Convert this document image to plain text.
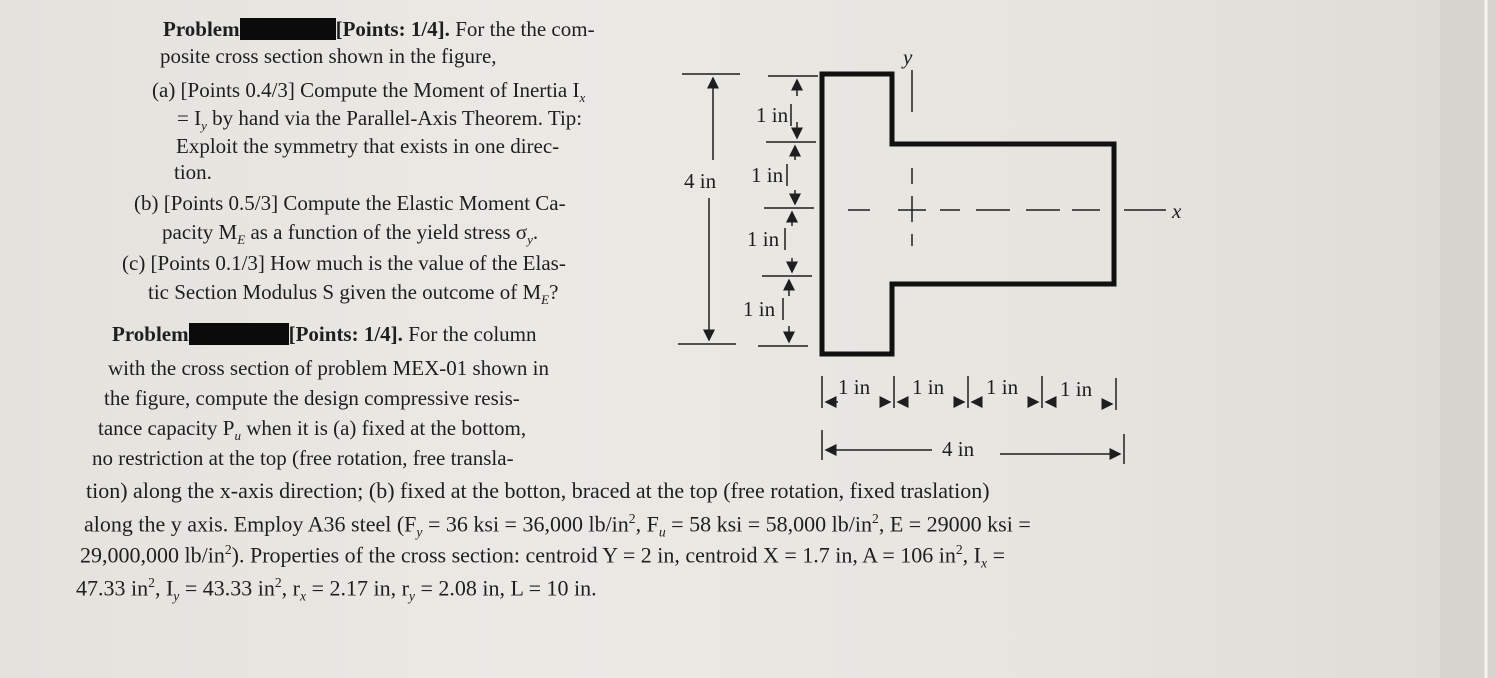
Problem	[Points: 1/4]. For the the com-
posite cross section shown in the figure,
(a) [Points 0.4/3] Compute the Moment of Inertia $I_x$
= $I_y$ by hand via the Parallel-Axis Theorem. Tip:
Exploit the symmetry that exists in one direc-
tion.
(b) [Points 0.5/3] Compute the Elastic Moment Ca-
pacity $M_E$ as a function of the yield stress $\sigma_y$.
(c) [Points 0.1/3] How much is the value of the Elas-
tic Section Modulus S given the outcome of $M_E$?
Problem	[Points: 1/4]. For the column
with the cross section of problem MEX-01 shown in
the figure, compute the design compressive resis-
tance capacity $P_u$ when it is (a) fixed at the bottom,
no restriction at the top (free rotation, free transla-
tion) along the x-axis direction; (b) fixed at the botton, braced at the top (free rotation, fixed traslation)
along the y axis. Employ A36 steel ($F_y = 36$ ksi = 36,000 $lb/in^2$, $F_u = 58$ ksi = 58,000 $lb/in^2$, E = 29000 ksi =
29,000,000 $lb/in^2$). Properties of the cross section: centroid Y = 2 in, centroid X = 1.7 in, A = 106 $in^2$, $I_x$ =
47.33 $in^2$, $I_y = 43.33$ $in^2$, $r_x = 2.17$ in, $r_y = 2.08$ in, L = 10 in.
y
x
4 in
1 in
1 in
1 in
1 in
1 in 1 in 1 in 1 in
4 in
